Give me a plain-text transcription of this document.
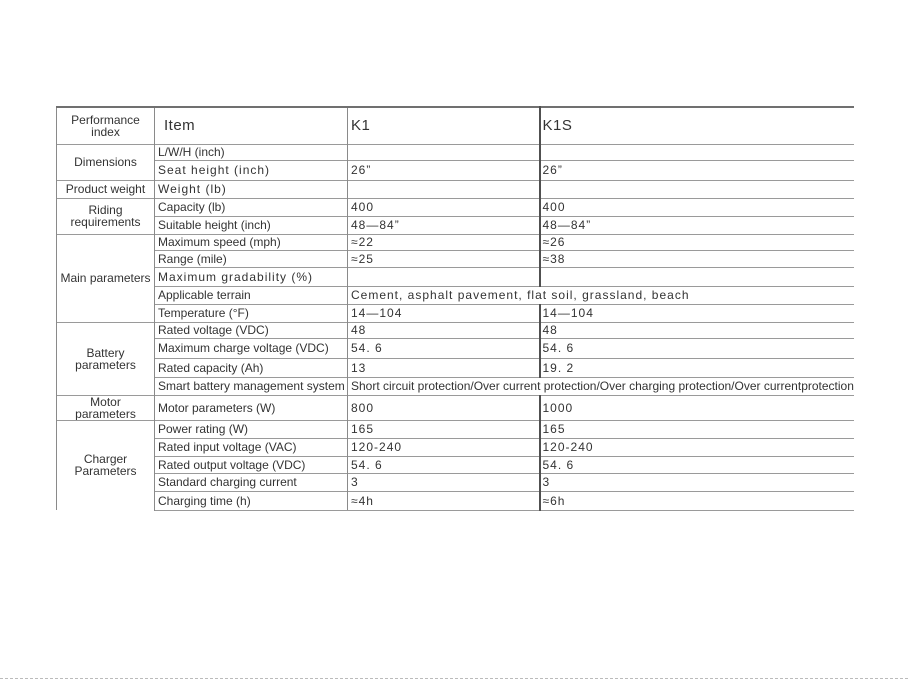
Performance index	Item	K1	K1S
Dimensions	L/W/H (inch)		
	Seat height (inch)	26”	26”
Product weight	Weight (lb)		
Riding requirements	Capacity (lb)	400	400
	Suitable height (inch)	48—84”	48—84”
Main parameters	Maximum speed (mph)	≈22	≈26
	Range (mile)	≈25	≈38
	Maximum gradability (%)		
	Applicable terrain	Cement, asphalt pavement, flat soil, grassland, beach	
	Temperature (°F)	14—104	14—104
Battery parameters	Rated voltage (VDC)	48	48
	Maximum charge voltage (VDC)	54. 6	54. 6
	Rated capacity (Ah)	13	19. 2
	Smart battery management system	Short circuit protection/Over current protection/Over charging protection/Over currentprotection	
Motor parameters	Motor parameters (W)	800	1000
Charger Parameters	Power rating (W)	165	165
	Rated input voltage (VAC)	120-240	120-240
	Rated output voltage (VDC)	54. 6	54. 6
	Standard charging current	3	3
	Charging time (h)	≈4h	≈6h
